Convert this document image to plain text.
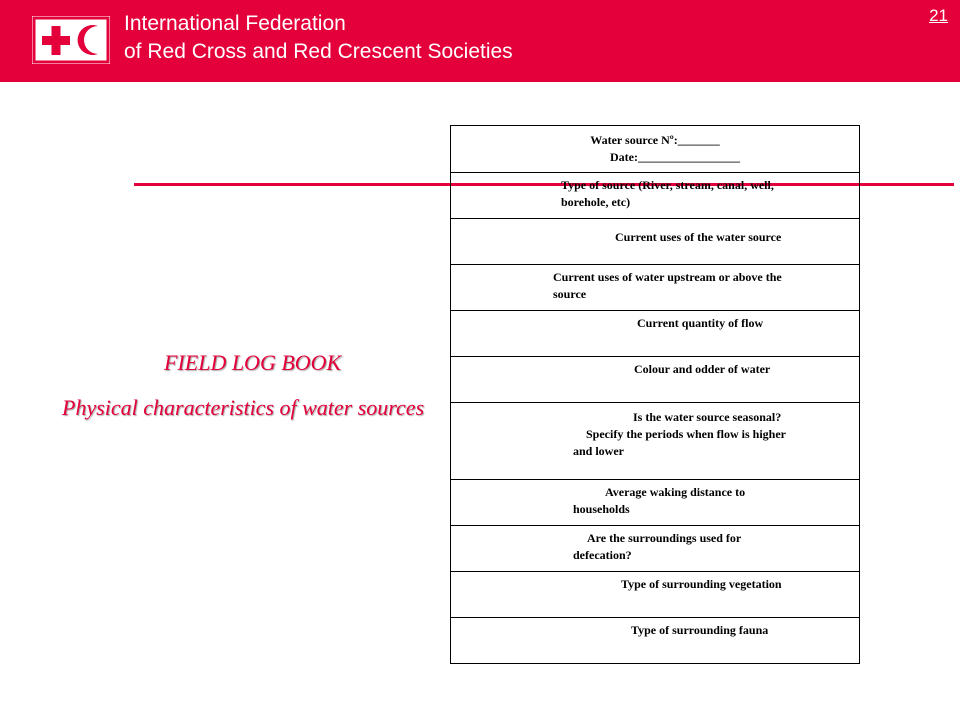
International Federation
of Red Cross and Red Crescent Societies
21
FIELD LOG BOOK
Physical characteristics of water sources
Water source Nº:_______
Date:_________________

Type of source (River, stream, canal, well,
borehole, etc)

Current uses of the water source

Current uses of water upstream or above the
source

Current quantity of flow

Colour and odder of water

Is the water source seasonal?
Specify the periods when flow is higher
and lower

Average waking distance to
households

Are the surroundings used for
defecation?

Type of surrounding vegetation

Type of surrounding fauna
